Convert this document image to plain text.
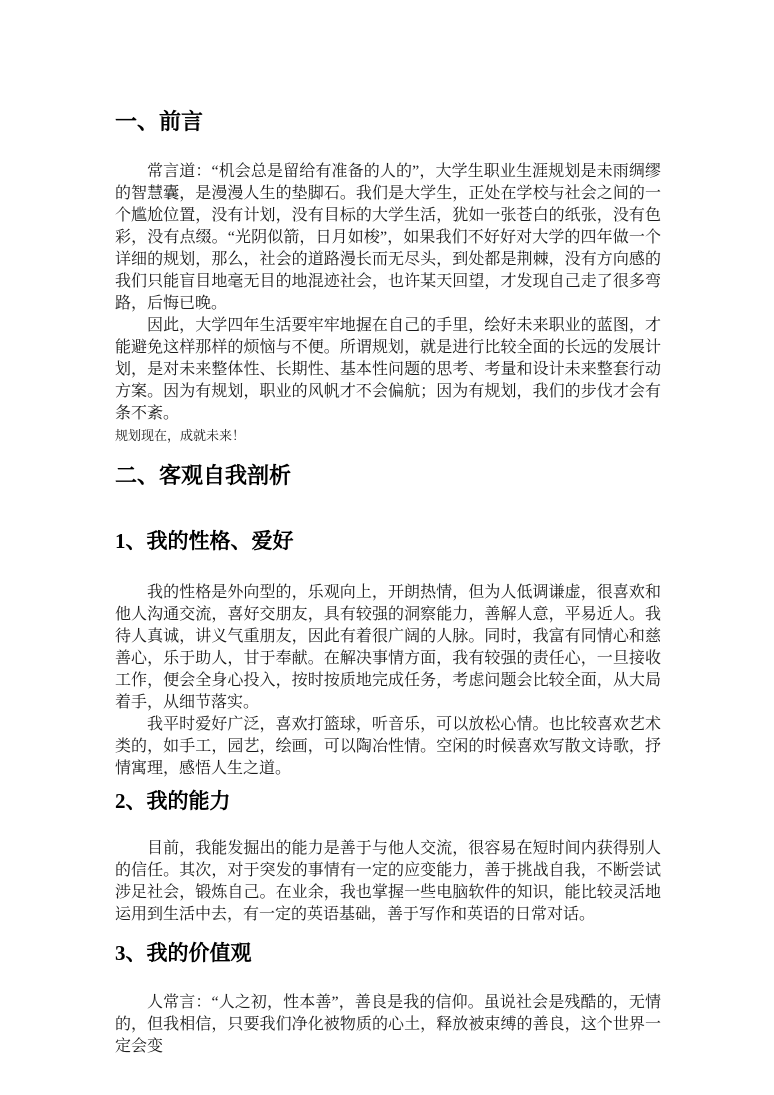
一、前言

常言道：“机会总是留给有准备的人的”，大学生职业生涯规划是未雨绸缪的智慧囊，是漫漫人生的垫脚石。我们是大学生，正处在学校与社会之间的一个尴尬位置，没有计划，没有目标的大学生活，犹如一张苍白的纸张，没有色彩，没有点缀。“光阴似箭，日月如梭”，如果我们不好好对大学的四年做一个详细的规划，那么，社会的道路漫长而无尽头，到处都是荆棘，没有方向感的我们只能盲目地毫无目的地混迹社会，也许某天回望，才发现自己走了很多弯路，后悔已晚。

因此，大学四年生活要牢牢地握在自己的手里，绘好未来职业的蓝图，才能避免这样那样的烦恼与不便。所谓规划，就是进行比较全面的长远的发展计划，是对未来整体性、长期性、基本性问题的思考、考量和设计未来整套行动方案。因为有规划，职业的风帆才不会偏航；因为有规划，我们的步伐才会有条不紊。

规划现在，成就未来！

二、客观自我剖析
1、我的性格、爱好

我的性格是外向型的，乐观向上，开朗热情，但为人低调谦虚，很喜欢和他人沟通交流，喜好交朋友，具有较强的洞察能力，善解人意，平易近人。我待人真诚，讲义气重朋友，因此有着很广阔的人脉。同时，我富有同情心和慈善心，乐于助人，甘于奉献。在解决事情方面，我有较强的责任心，一旦接收工作，便会全身心投入，按时按质地完成任务，考虑问题会比较全面，从大局着手，从细节落实。

我平时爱好广泛，喜欢打篮球，听音乐，可以放松心情。也比较喜欢艺术类的，如手工，园艺，绘画，可以陶冶性情。空闲的时候喜欢写散文诗歌，抒情寓理，感悟人生之道。

2、我的能力

目前，我能发掘出的能力是善于与他人交流，很容易在短时间内获得别人的信任。其次，对于突发的事情有一定的应变能力，善于挑战自我，不断尝试涉足社会，锻炼自己。在业余，我也掌握一些电脑软件的知识，能比较灵活地运用到生活中去，有一定的英语基础，善于写作和英语的日常对话。

3、我的价值观

人常言：“人之初，性本善”，善良是我的信仰。虽说社会是残酷的，无情的，但我相信，只要我们净化被物质的心土，释放被束缚的善良，这个世界一定会变
